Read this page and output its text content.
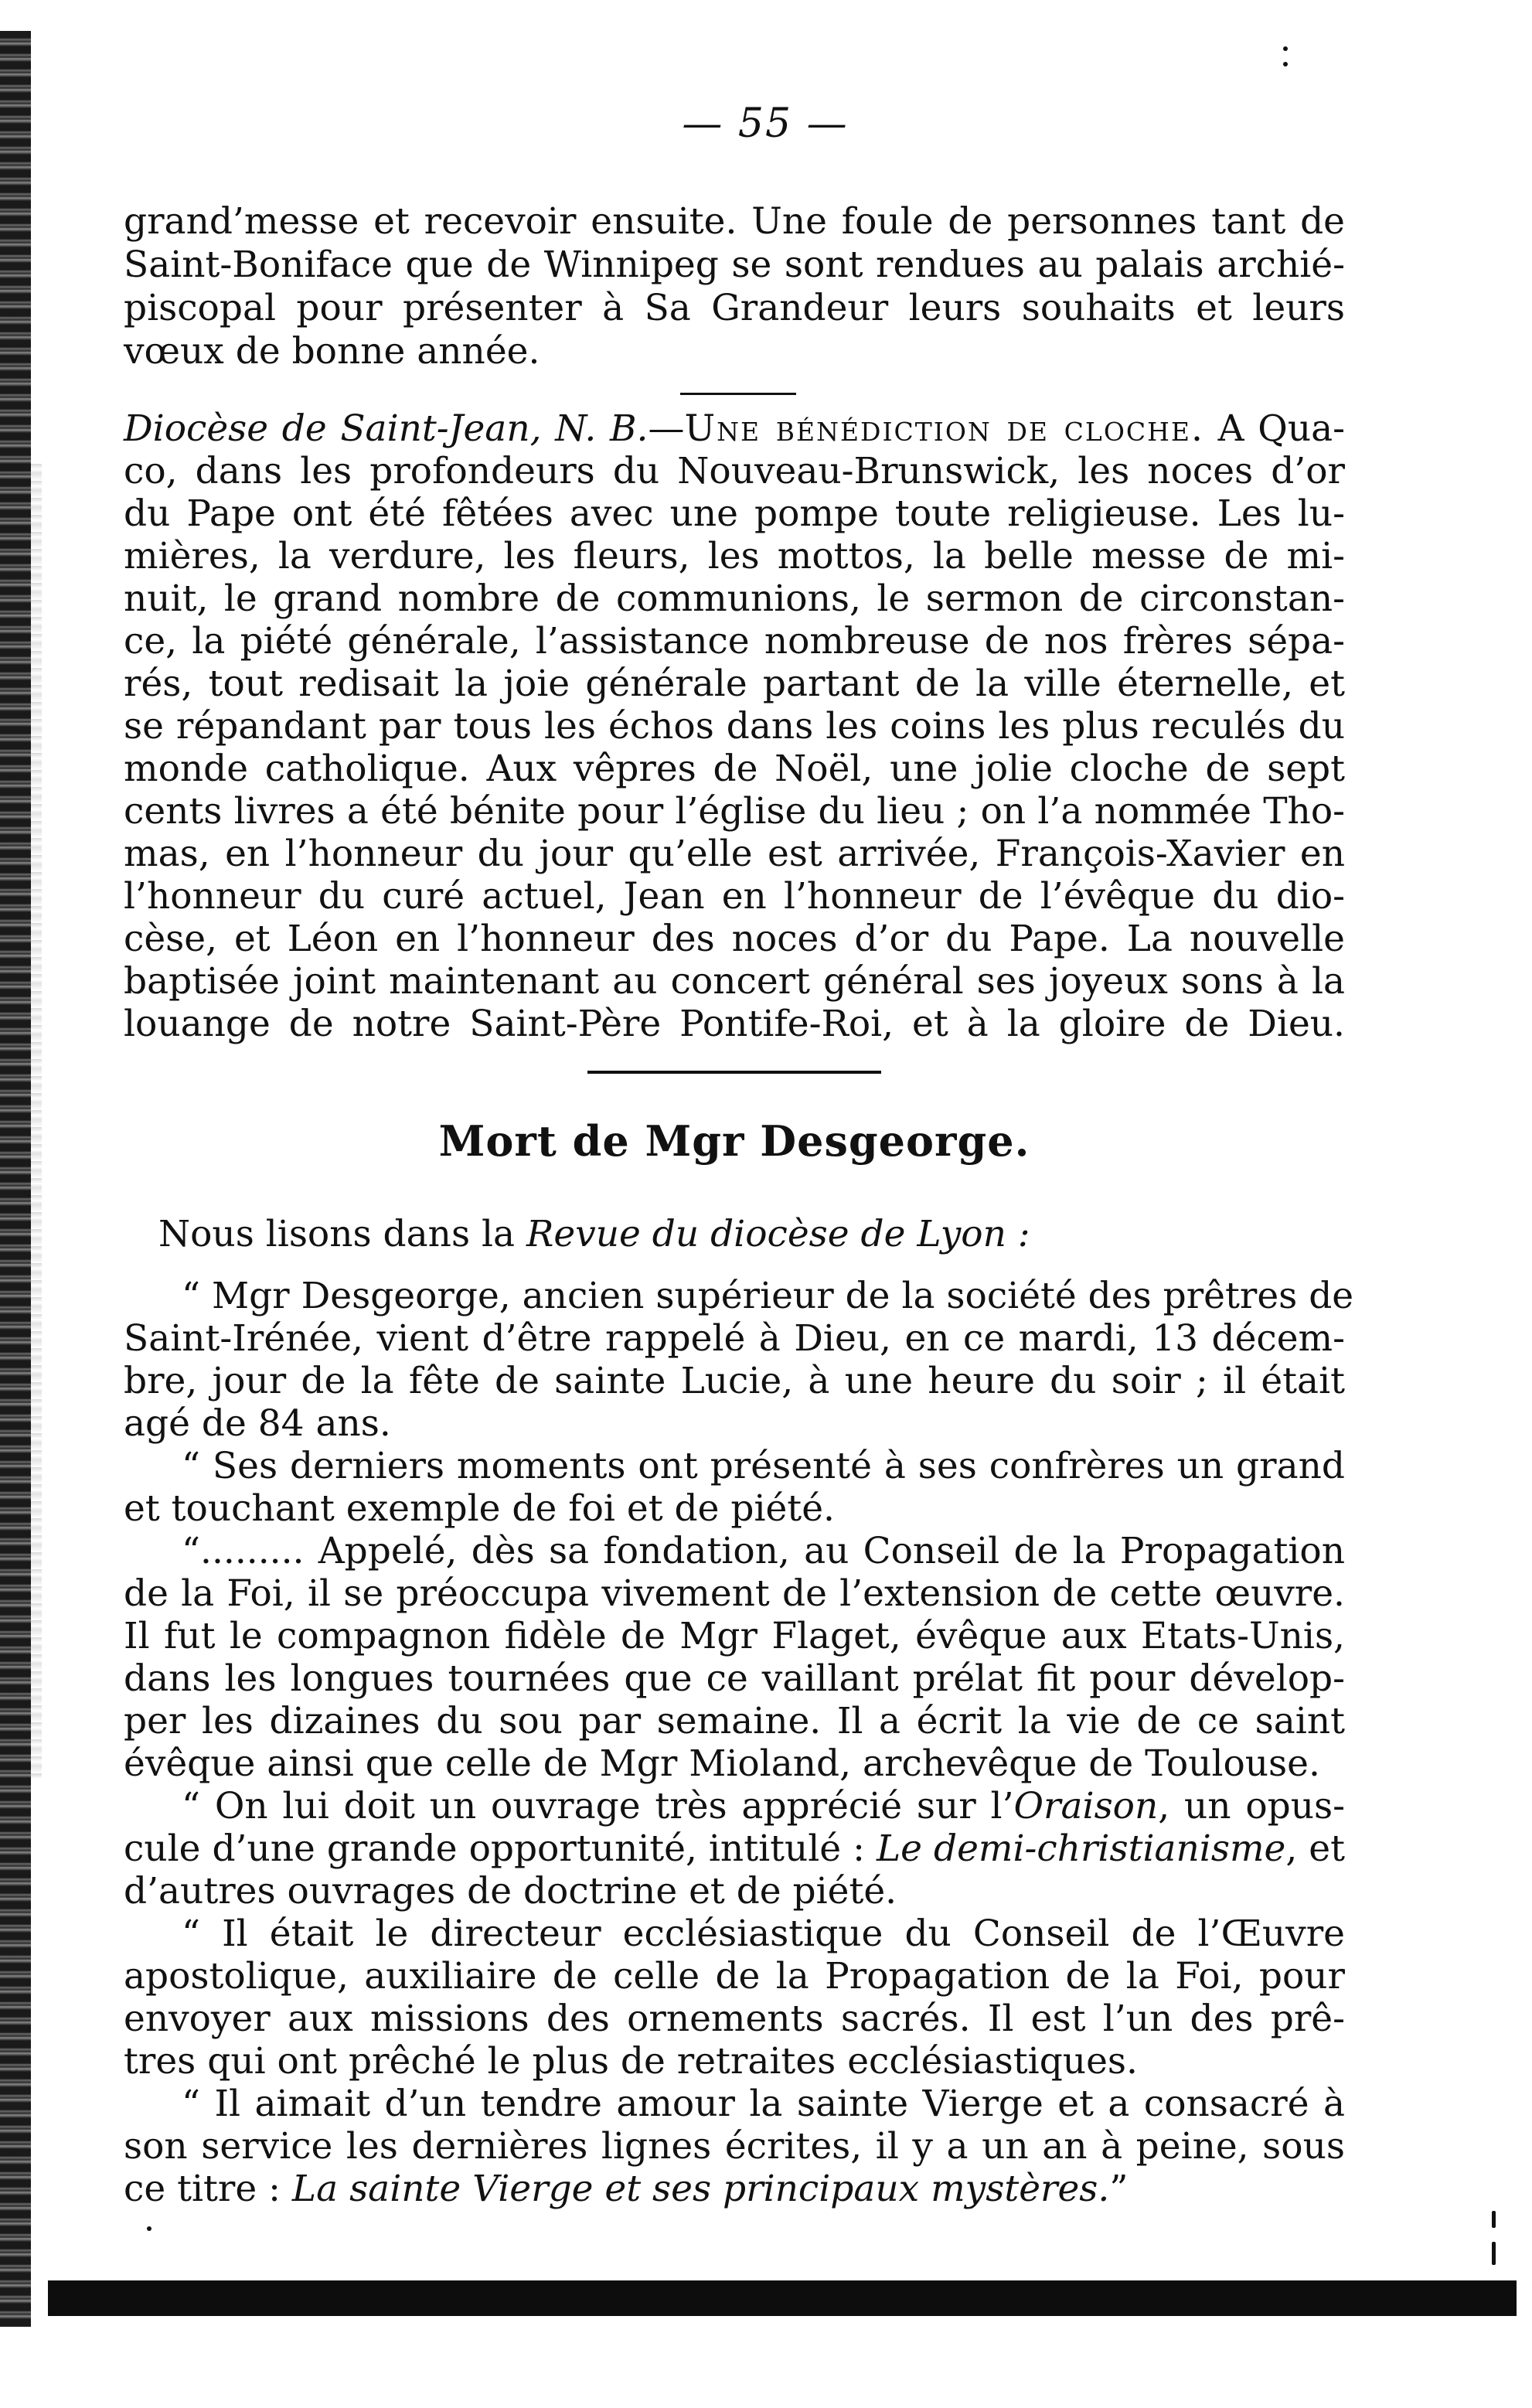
— 55 —
grand’messe et recevoir ensuite. Une foule de personnes tant de
Saint-Boniface que de Winnipeg se sont rendues au palais archié-
piscopal pour présenter à Sa Grandeur leurs souhaits et leurs
vœux de bonne année.
Diocèse de Saint-Jean, N. B.—Une bénédiction de cloche. A Qua-
co, dans les profondeurs du Nouveau-Brunswick, les noces d’or
du Pape ont été fêtées avec une pompe toute religieuse. Les lu-
mières, la verdure, les fleurs, les mottos, la belle messe de mi-
nuit, le grand nombre de communions, le sermon de circonstan-
ce, la piété générale, l’assistance nombreuse de nos frères sépa-
rés, tout redisait la joie générale partant de la ville éternelle, et
se répandant par tous les échos dans les coins les plus reculés du
monde catholique. Aux vêpres de Noël, une jolie cloche de sept
cents livres a été bénite pour l’église du lieu ; on l’a nommée Tho-
mas, en l’honneur du jour qu’elle est arrivée, François-Xavier en
l’honneur du curé actuel, Jean en l’honneur de l’évêque du dio-
cèse, et Léon en l’honneur des noces d’or du Pape. La nouvelle
baptisée joint maintenant au concert général ses joyeux sons à la
louange de notre Saint-Père Pontife-Roi, et à la gloire de Dieu.
Mort de Mgr Desgeorge.
Nous lisons dans la Revue du diocèse de Lyon :
“ Mgr Desgeorge, ancien supérieur de la société des prêtres de
Saint-Irénée, vient d’être rappelé à Dieu, en ce mardi, 13 décem-
bre, jour de la fête de sainte Lucie, à une heure du soir ; il était
agé de 84 ans.
“ Ses derniers moments ont présenté à ses confrères un grand
et touchant exemple de foi et de piété.
“......... Appelé, dès sa fondation, au Conseil de la Propagation
de la Foi, il se préoccupa vivement de l’extension de cette œuvre.
Il fut le compagnon fidèle de Mgr Flaget, évêque aux Etats-Unis,
dans les longues tournées que ce vaillant prélat fit pour dévelop-
per les dizaines du sou par semaine. Il a écrit la vie de ce saint
évêque ainsi que celle de Mgr Mioland, archevêque de Toulouse.
“ On lui doit un ouvrage très apprécié sur l’Oraison, un opus-
cule d’une grande opportunité, intitulé : Le demi-christianisme, et
d’autres ouvrages de doctrine et de piété.
“ Il était le directeur ecclésiastique du Conseil de l’Œuvre
apostolique, auxiliaire de celle de la Propagation de la Foi, pour
envoyer aux missions des ornements sacrés. Il est l’un des prê-
tres qui ont prêché le plus de retraites ecclésiastiques.
“ Il aimait d’un tendre amour la sainte Vierge et a consacré à
son service les dernières lignes écrites, il y a un an à peine, sous
ce titre : La sainte Vierge et ses principaux mystères.”
